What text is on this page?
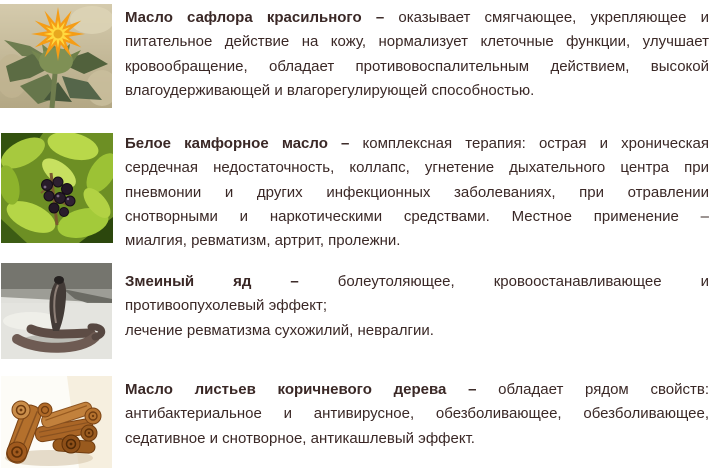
Масло сафлора красильного – оказывает смягчающее, укрепляющее и
питательное действие на кожу, нормализует клеточные функции, улучшает
кровообращение, обладает противовоспалительным действием, высокой
влагоудерживающей и влагорегулирующей способностью.
Белое камфорное масло – комплексная терапия: острая и хроническая
сердечная недостаточность, коллапс, угнетение дыхательного центра при
пневмонии и других инфекционных заболеваниях, при отравлении
снотворными и наркотическими средствами. Местное применение –
миалгия, ревматизм, артрит, пролежни.
Змеиный яд –	болеутоляющее, кровоостанавливающее и
противоопухолевый эффект;
лечение ревматизма сухожилий, невралгии.
Масло листьев коричневого дерева – обладает рядом свойств:
антибактериальное и антивирусное, обезболивающее, обезболивающее,
седативное и снотворное, антикашлевый эффект.
